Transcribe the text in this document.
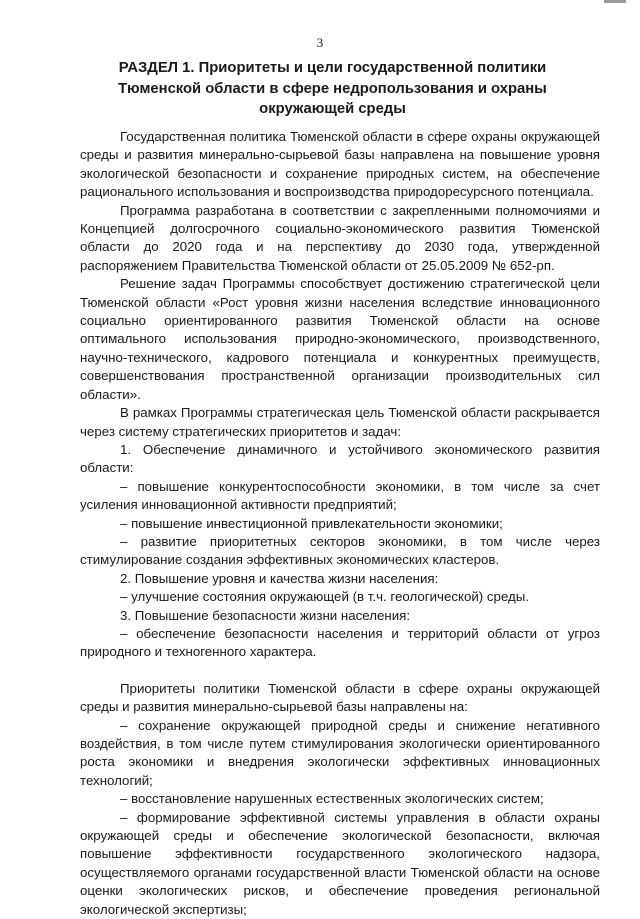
3
РАЗДЕЛ 1. Приоритеты и цели государственной политики Тюменской области в сфере недропользования и охраны окружающей среды

Государственная политика Тюменской области в сфере охраны окружающей среды и развития минерально-сырьевой базы направлена на повышение уровня экологической безопасности и сохранение природных систем, на обеспечение рационального использования и воспроизводства природоресурсного потенциала.

Программа разработана в соответствии с закрепленными полномочиями и Концепцией долгосрочного социально-экономического развития Тюменской области до 2020 года и на перспективу до 2030 года, утвержденной распоряжением Правительства Тюменской области от 25.05.2009 № 652-рп.

Решение задач Программы способствует достижению стратегической цели Тюменской области «Рост уровня жизни населения вследствие инновационного социально ориентированного развития Тюменской области на основе оптимального использования природно-экономического, производственного, научно-технического, кадрового потенциала и конкурентных преимуществ, совершенствования пространственной организации производительных сил области».

В рамках Программы стратегическая цель Тюменской области раскрывается через систему стратегических приоритетов и задач:

1. Обеспечение динамичного и устойчивого экономического развития области:

– повышение конкурентоспособности экономики, в том числе за счет усиления инновационной активности предприятий;

– повышение инвестиционной привлекательности экономики;

– развитие приоритетных секторов экономики, в том числе через стимулирование создания эффективных экономических кластеров.

2. Повышение уровня и качества жизни населения:

– улучшение состояния окружающей (в т.ч. геологической) среды.

3. Повышение безопасности жизни населения:

– обеспечение безопасности населения и территорий области от угроз природного и техногенного характера.

Приоритеты политики Тюменской области в сфере охраны окружающей среды и развития минерально-сырьевой базы направлены на:

– сохранение окружающей природной среды и снижение негативного воздействия, в том числе путем стимулирования экологически ориентированного роста экономики и внедрения экологически эффективных инновационных технологий;

– восстановление нарушенных естественных экологических систем;

– формирование эффективной системы управления в области охраны окружающей среды и обеспечение экологической безопасности, включая повышение эффективности государственного экологического надзора, осуществляемого органами государственной власти Тюменской области на основе оценки экологических рисков, и обеспечение проведения региональной экологической экспертизы;
